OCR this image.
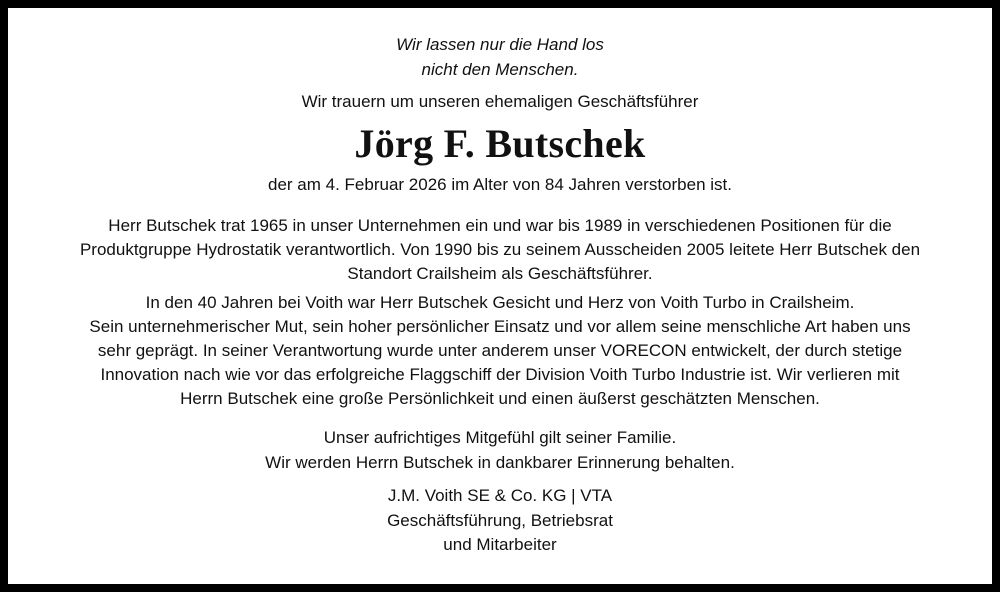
Wir lassen nur die Hand los
nicht den Menschen.
Wir trauern um unseren ehemaligen Geschäftsführer
Jörg F. Butschek
der am 4. Februar 2026 im Alter von 84 Jahren verstorben ist.
Herr Butschek trat 1965 in unser Unternehmen ein und war bis 1989 in verschiedenen Positionen für die
Produktgruppe Hydrostatik verantwortlich. Von 1990 bis zu seinem Ausscheiden 2005 leitete Herr Butschek den
Standort Crailsheim als Geschäftsführer.
In den 40 Jahren bei Voith war Herr Butschek Gesicht und Herz von Voith Turbo in Crailsheim.
Sein unternehmerischer Mut, sein hoher persönlicher Einsatz und vor allem seine menschliche Art haben uns
sehr geprägt. In seiner Verantwortung wurde unter anderem unser VORECON entwickelt, der durch stetige
Innovation nach wie vor das erfolgreiche Flaggschiff der Division Voith Turbo Industrie ist. Wir verlieren mit
Herrn Butschek eine große Persönlichkeit und einen äußerst geschätzten Menschen.
Unser aufrichtiges Mitgefühl gilt seiner Familie.
Wir werden Herrn Butschek in dankbarer Erinnerung behalten.
J.M. Voith SE & Co. KG | VTA
Geschäftsführung, Betriebsrat
und Mitarbeiter
